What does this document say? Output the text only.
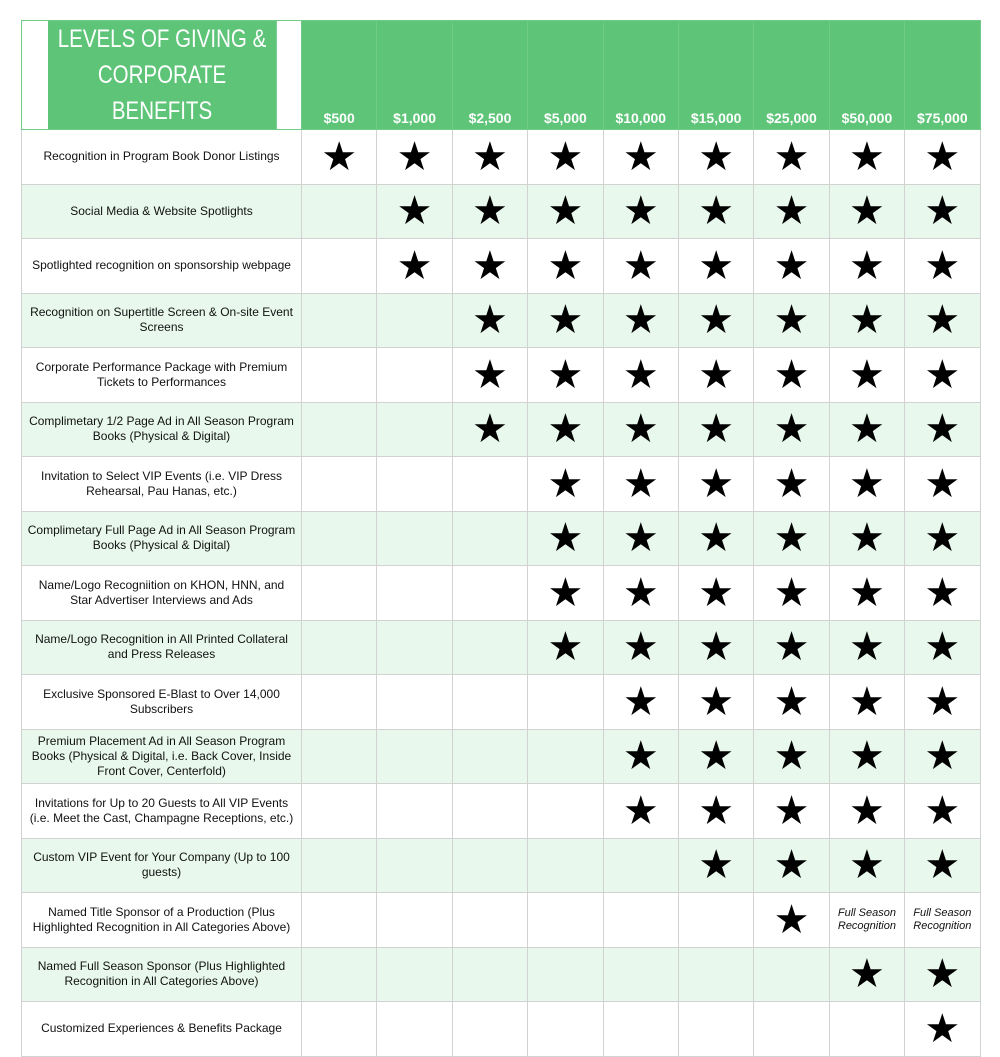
LEVELS OF GIVING &
CORPORATE BENEFITS	$500	$1,000	$2,500	$5,000	$10,000	$15,000	$25,000	$50,000	$75,000
Recognition in Program Book Donor Listings	★	★	★	★	★	★	★	★	★
Social Media & Website Spotlights		★	★	★	★	★	★	★	★
Spotlighted recognition on sponsorship webpage		★	★	★	★	★	★	★	★
Recognition on Supertitle Screen & On-site Event Screens			★	★	★	★	★	★	★
Corporate Performance Package with Premium Tickets to Performances			★	★	★	★	★	★	★
Complimetary 1/2 Page Ad in All Season Program Books (Physical & Digital)			★	★	★	★	★	★	★
Invitation to Select VIP Events (i.e. VIP Dress Rehearsal, Pau Hanas, etc.)				★	★	★	★	★	★
Complimetary Full Page Ad in All Season Program Books (Physical & Digital)				★	★	★	★	★	★
Name/Logo Recogniition on KHON, HNN, and Star Advertiser Interviews and Ads				★	★	★	★	★	★
Name/Logo Recognition in All Printed Collateral and Press Releases				★	★	★	★	★	★
Exclusive Sponsored E-Blast to Over 14,000 Subscribers					★	★	★	★	★
Premium Placement Ad in All Season Program Books (Physical & Digital, i.e. Back Cover, Inside Front Cover, Centerfold)					★	★	★	★	★
Invitations for Up to 20 Guests to All VIP Events (i.e. Meet the Cast, Champagne Receptions, etc.)					★	★	★	★	★
Custom VIP Event for Your Company (Up to 100 guests)						★	★	★	★
Named Title Sponsor of a Production (Plus Highlighted Recognition in All Categories Above)							★	Full Season Recognition	Full Season Recognition

Named Full Season Sponsor (Plus Highlighted Recognition in All Categories Above)								★	★
Customized Experiences & Benefits Package									★
